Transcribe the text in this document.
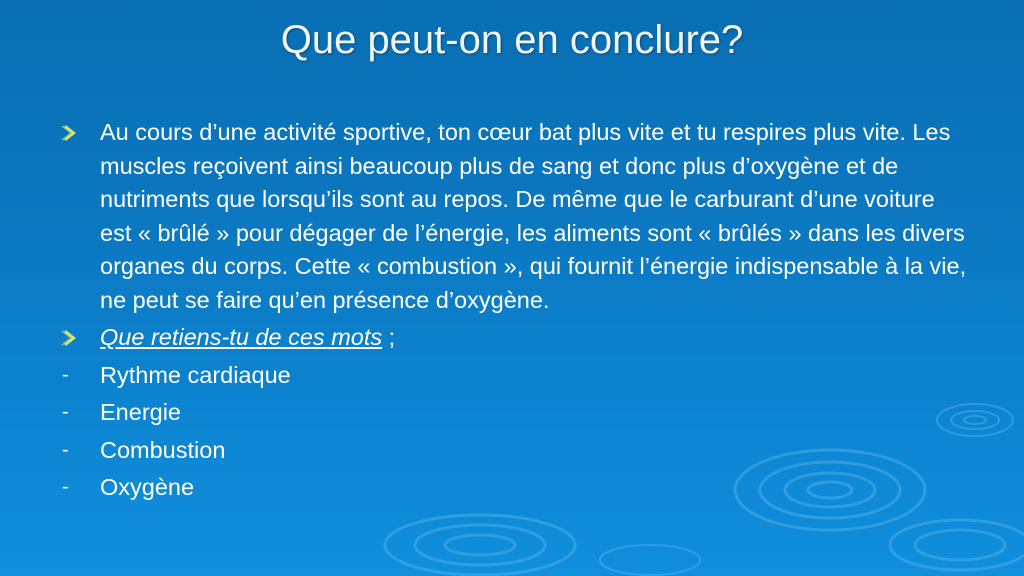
Que peut-on en conclure?
Au cours d’une activité sportive, ton cœur bat plus vite et tu respires plus vite. Les muscles reçoivent ainsi beaucoup plus de sang et donc plus d’oxygène et de nutriments que lorsqu’ils sont au repos. De même que le carburant d’une voiture est « brûlé » pour dégager de l’énergie, les aliments sont « brûlés » dans les divers organes du corps. Cette « combustion », qui fournit l’énergie indispensable à la vie, ne peut se faire qu’en présence d’oxygène.
Que retiens-tu de ces mots ;
-	Rythme cardiaque
-	Energie
-	Combustion
-	Oxygène
